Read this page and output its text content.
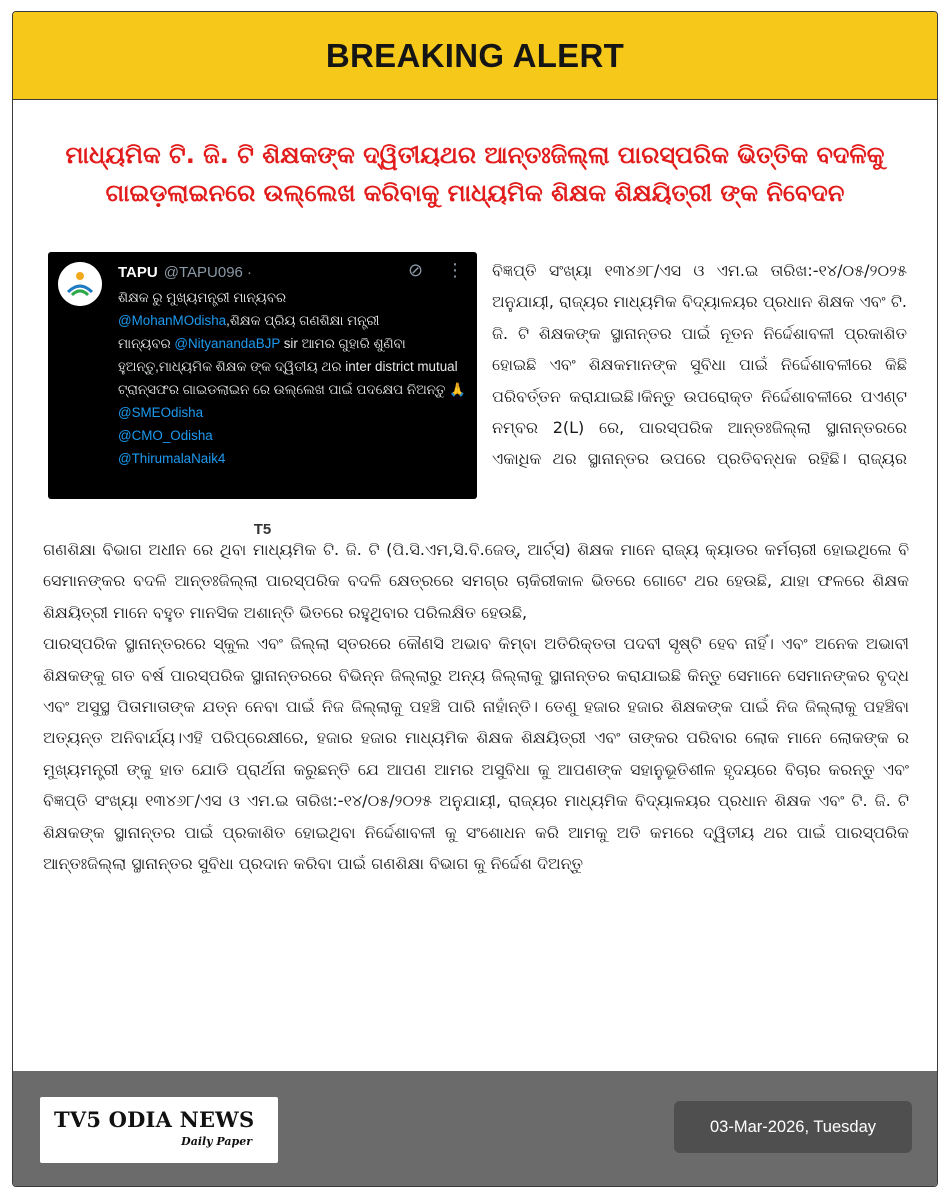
BREAKING ALERT
ମାଧ୍ୟମିକ ଟି. ଜି. ଟି ଶିକ୍ଷକଙ୍କ ଦ୍ୱିତୀୟଥର ଆନ୍ତଃଜିଲ୍ଲା ପାରସ୍ପରିକ ଭିତ୍ତିକ ବଦଳିକୁ
ଗାଇଡ଼ଲାଇନରେ ଉଲ୍ଲେଖ କରିବାକୁ ମାଧ୍ୟମିକ ଶିକ୍ଷକ ଶିକ୍ଷୟିତ୍ରୀ ଙ୍କ ନିବେଦନ
TAPU @TAPU096 ·	⊘ ⋮
ଶିକ୍ଷକ ରୁ ମୁଖ୍ୟମନ୍ତ୍ରୀ ମାନ୍ୟବର
@MohanMOdisha,ଶିକ୍ଷକ ପ୍ରିୟ ଗଣଶିକ୍ଷା ମନ୍ତ୍ରୀ
ମାନ୍ୟବର @NityanandaBJP sir ଆମର ଗୁହାରି ଶୁଣିବା ହୁଅନ୍ତୁ,ମାଧ୍ୟମିକ ଶିକ୍ଷକ ଙ୍କ ଦ୍ୱିତୀୟ ଥର inter district mutual ଟ୍ରାନ୍ସଫର ଗାଇଡଲାଇନ ରେ ଉଲ୍ଲେଖ ପାଇଁ ପଦକ୍ଷେପ ନିଅନ୍ତୁ 🙏
@SMEOdisha
@CMO_Odisha
@ThirumalaNaik4
T5

ବିଜ୍ଞପ୍ତି ସଂଖ୍ୟା ୧୩୪୬୮/ଏସ ଓ ଏମ.ଇ ତାରିଖ:-୧୪/୦୫/୨୦୨୫ ଅନୁଯାୟୀ, ରାଜ୍ୟର ମାଧ୍ୟମିକ ବିଦ୍ୟାଳୟର ପ୍ରଧାନ ଶିକ୍ଷକ ଏବଂ ଟି. ଜି. ଟି ଶିକ୍ଷକଙ୍କ ସ୍ଥାନାନ୍ତର ପାଇଁ ନୂତନ ନିର୍ଦ୍ଦେଶାବଳୀ ପ୍ରକାଶିତ ହୋଇଛି ଏବଂ ଶିକ୍ଷକମାନଙ୍କ ସୁବିଧା ପାଇଁ ନିର୍ଦ୍ଦେଶାବଳୀରେ କିଛି ପରିବର୍ତ୍ତନ କରାଯାଇଛି।କିନ୍ତୁ ଉପରୋକ୍ତ ନିର୍ଦ୍ଦେଶାବଳୀରେ ପଏଣ୍ଟ ନମ୍ବର 2(L) ରେ, ପାରସ୍ପରିକ ଆନ୍ତଃଜିଲ୍ଲା ସ୍ଥାନାନ୍ତରରେ ଏକାଧିକ ଥର ସ୍ଥାନାନ୍ତର ଉପରେ ପ୍ରତିବନ୍ଧକ ରହିଛି। ରାଜ୍ୟର

ଗଣଶିକ୍ଷା ବିଭାଗ ଅଧୀନ ରେ ଥିବା ମାଧ୍ୟମିକ ଟି. ଜି. ଟି (ପି.ସି.ଏମ,ସି.ବି.ଜେଡ୍, ଆର୍ଟ୍ସ) ଶିକ୍ଷକ ମାନେ ରାଜ୍ୟ କ୍ୟାଡର କର୍ମଚାରୀ ହୋଇଥିଲେ ବି ସେମାନଙ୍କର ବଦଳି ଆନ୍ତଃଜିଲ୍ଲା ପାରସ୍ପରିକ ବଦଳି କ୍ଷେତ୍ରରେ ସମଗ୍ର ଚାକିରୀକାଳ ଭିତରେ ଗୋଟେ ଥର ହେଉଛି, ଯାହା ଫଳରେ ଶିକ୍ଷକ ଶିକ୍ଷୟିତ୍ରୀ ମାନେ ବହୁତ ମାନସିକ ଅଶାନ୍ତି ଭିତରେ ରହୁଥିବାର ପରିଲକ୍ଷିତ ହେଉଛି,

ପାରସ୍ପରିକ ସ୍ଥାନାନ୍ତରରେ ସ୍କୁଲ ଏବଂ ଜିଲ୍ଲା ସ୍ତରରେ କୌଣସି ଅଭାବ କିମ୍ବା ଅତିରିକ୍ତତା ପଦବୀ ସୃଷ୍ଟି ହେବ ନାହିଁ। ଏବଂ ଅନେକ ଅଭାବୀ ଶିକ୍ଷକଙ୍କୁ ଗତ ବର୍ଷ ପାରସ୍ପରିକ ସ୍ଥାନାନ୍ତରରେ ବିଭିନ୍ନ ଜିଲ୍ଲାରୁ ଅନ୍ୟ ଜିଲ୍ଲାକୁ ସ୍ଥାନାନ୍ତର କରାଯାଇଛି କିନ୍ତୁ ସେମାନେ ସେମାନଙ୍କର ବୃଦ୍ଧ ଏବଂ ଅସୁସ୍ଥ ପିତାମାତାଙ୍କ ଯତ୍ନ ନେବା ପାଇଁ ନିଜ ଜିଲ୍ଲାକୁ ପହଞ୍ଚି ପାରି ନାହାଁନ୍ତି। ତେଣୁ ହଜାର ହଜାର ଶିକ୍ଷକଙ୍କ ପାଇଁ ନିଜ ଜିଲ୍ଲାକୁ ପହଞ୍ଚିବା ଅତ୍ୟନ୍ତ ଅନିବାର୍ଯ୍ୟ।ଏହି ପରିପ୍ରେକ୍ଷୀରେ, ହଜାର ହଜାର ମାଧ୍ୟମିକ ଶିକ୍ଷକ ଶିକ୍ଷୟିତ୍ରୀ ଏବଂ ତାଙ୍କର ପରିବାର ଲୋକ ମାନେ ଲୋକଙ୍କ ର ମୁଖ୍ୟମନ୍ତ୍ରୀ ଙ୍କୁ ହାତ ଯୋଡି ପ୍ରାର୍ଥନା କରୁଛନ୍ତି ଯେ ଆପଣ ଆମର ଅସୁବିଧା କୁ ଆପଣଙ୍କ ସହାନୁଭୂତିଶୀଳ ହୃଦୟରେ ବିଚାର କରନ୍ତୁ ଏବଂ ବିଜ୍ଞପ୍ତି ସଂଖ୍ୟା ୧୩୪୬୮/ଏସ ଓ ଏମ.ଇ ତାରିଖ:-୧୪/୦୫/୨୦୨୫ ଅନୁଯାୟୀ, ରାଜ୍ୟର ମାଧ୍ୟମିକ ବିଦ୍ୟାଳୟର ପ୍ରଧାନ ଶିକ୍ଷକ ଏବଂ ଟି. ଜି. ଟି ଶିକ୍ଷକଙ୍କ ସ୍ଥାନାନ୍ତର ପାଇଁ ପ୍ରକାଶିତ ହୋଇଥିବା ନିର୍ଦ୍ଦେଶାବଳୀ କୁ ସଂଶୋଧନ କରି ଆମକୁ ଅତି କମରେ ଦ୍ୱିତୀୟ ଥର ପାଇଁ ପାରସ୍ପରିକ ଆନ୍ତଃଜିଲ୍ଲା ସ୍ଥାନାନ୍ତର ସୁବିଧା ପ୍ରଦାନ କରିବା ପାଇଁ ଗଣଶିକ୍ଷା ବିଭାଗ କୁ ନିର୍ଦ୍ଦେଶ ଦିଅନ୍ତୁ

TV5 ODIA NEWS
Daily Paper
03-Mar-2026, Tuesday
